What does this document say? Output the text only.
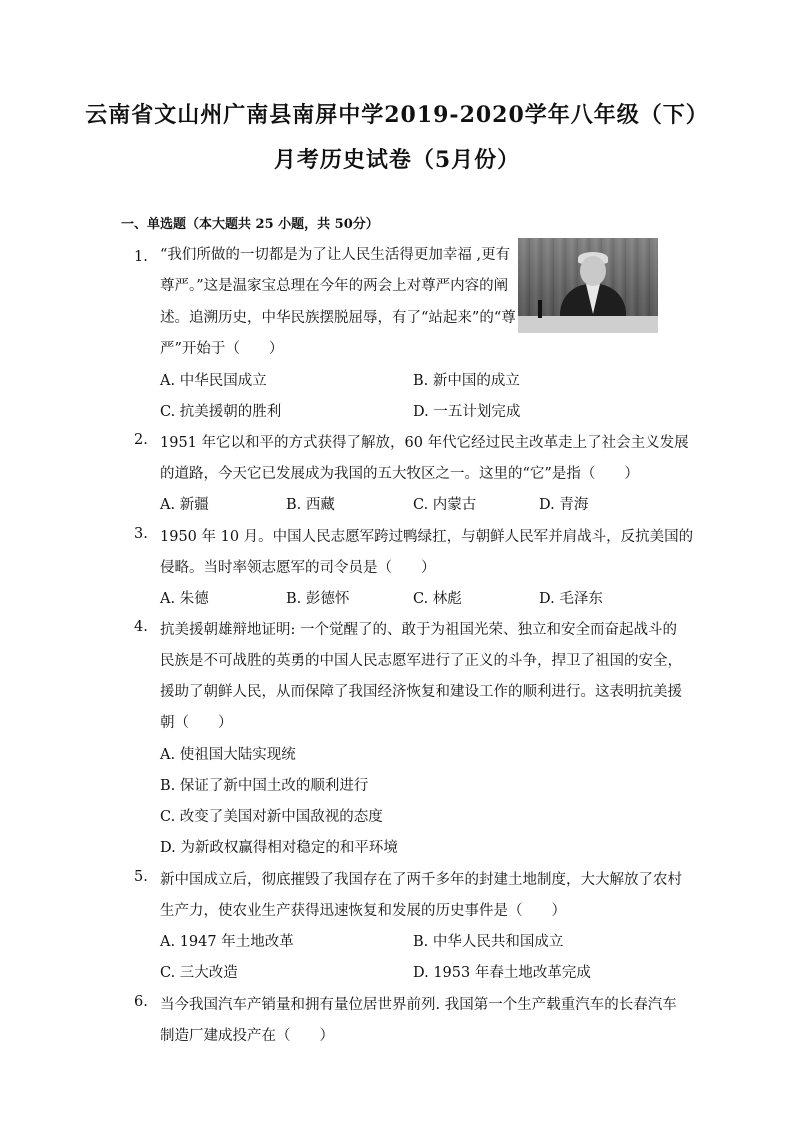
云南省文山州广南县南屏中学2019-2020学年八年级（下）
月考历史试卷（5月份）
一、单选题（本大题共 25 小题，共 50分）
1. “我们所做的一切都是为了让人民生活得更加幸福 ,更有
尊严。”这是温家宝总理在今年的两会上对尊严内容的阐
述。追溯历史，中华民族摆脱屈辱，有了“站起来”的“尊
严”开始于（　　）
A. 中华民国成立	B. 新中国的成立
C. 抗美援朝的胜利	D. 一五计划完成
2. 1951 年它以和平的方式获得了解放，60 年代它经过民主改革走上了社会主义发展
的道路，今天它已发展成为我国的五大牧区之一。这里的“它”是指（　　）
A. 新疆	B. 西藏	C. 内蒙古	D. 青海
3. 1950 年 10 月。中国人民志愿军跨过鸭绿扛，与朝鲜人民军并肩战斗，反抗美国的
侵略。当时率领志愿军的司令员是（　　）
A. 朱德	B. 彭德怀	C. 林彪	D. 毛泽东
4. 抗美援朝雄辩地证明: 一个觉醒了的、敢于为祖国光荣、独立和安全而奋起战斗的
民族是不可战胜的英勇的中国人民志愿军进行了正义的斗争，捍卫了祖国的安全，
援助了朝鲜人民，从而保障了我国经济恢复和建设工作的顺利进行。这表明抗美援
朝（　　）
A. 使祖国大陆实现统
B. 保证了新中国土改的顺利进行
C. 改变了美国对新中国敌视的态度
D. 为新政权赢得相对稳定的和平环境
5. 新中国成立后，彻底摧毁了我国存在了两千多年的封建土地制度，大大解放了农村
生产力，使农业生产获得迅速恢复和发展的历史事件是（　　）
A. 1947 年土地改革	B. 中华人民共和国成立
C. 三大改造	D. 1953 年春土地改革完成
6. 当今我国汽车产销量和拥有量位居世界前列. 我国第一个生产载重汽车的长春汽车
制造厂建成投产在（　　）
